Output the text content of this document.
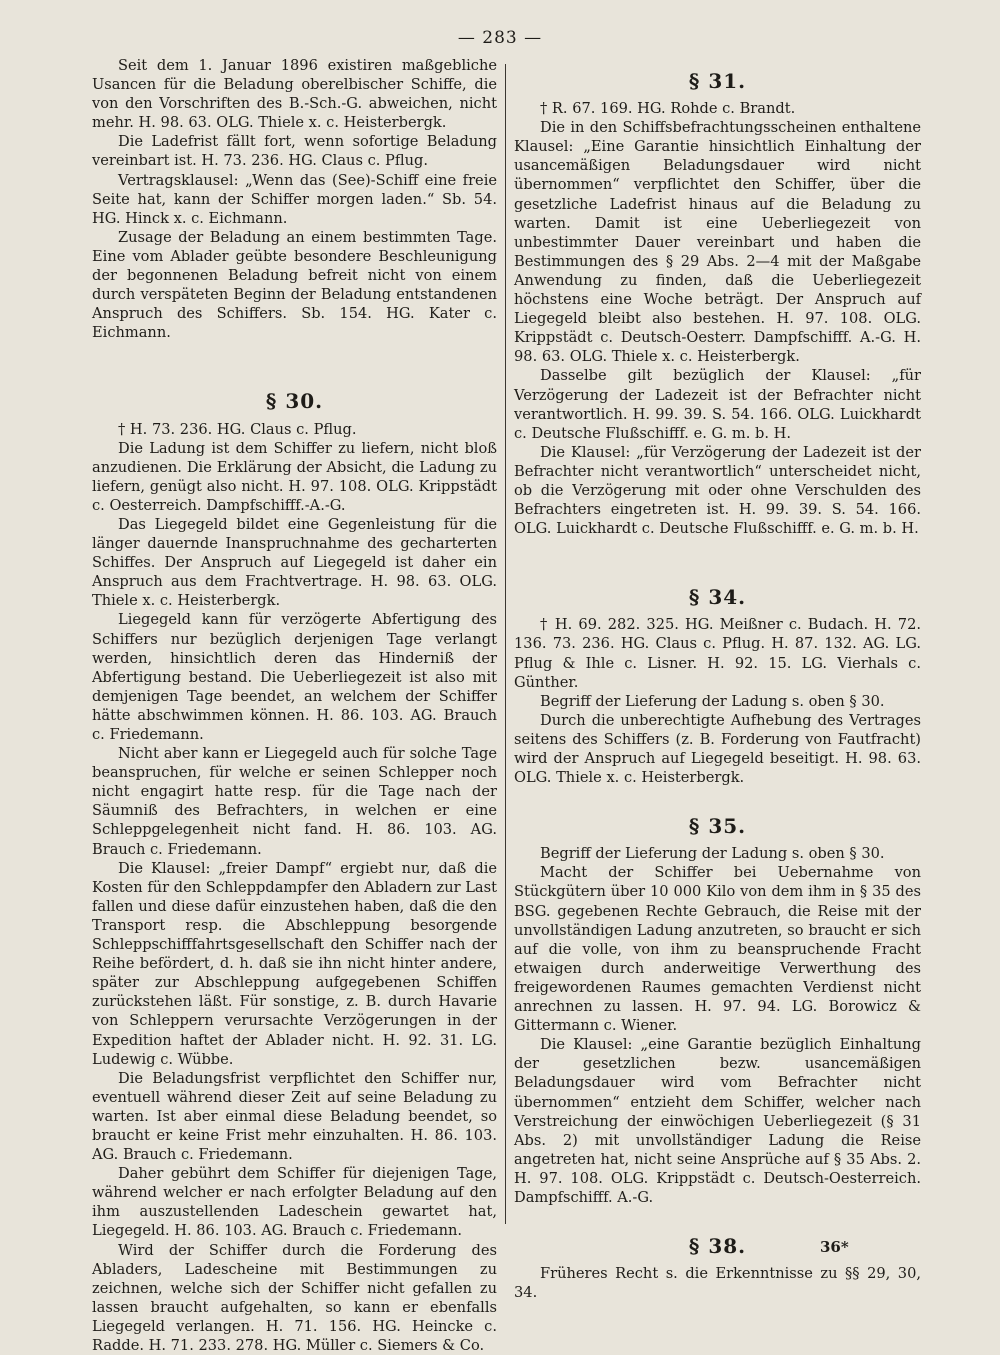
— 283 —

Seit dem 1. Januar 1896 existiren maßgebliche Usancen für die Beladung oberelbischer Schiffe, die von den Vorschriften des B.-Sch.-G. abweichen, nicht mehr. H. 98. 63. OLG. Thiele x. c. Heisterbergk.

Die Ladefrist fällt fort, wenn sofortige Beladung vereinbart ist. H. 73. 236. HG. Claus c. Pflug.

Vertragsklausel: „Wenn das (See)-Schiff eine freie Seite hat, kann der Schiffer morgen laden.“ Sb. 54. HG. Hinck x. c. Eichmann.

Zusage der Beladung an einem bestimmten Tage. Eine vom Ablader geübte besondere Beschleunigung der begonnenen Beladung befreit nicht von einem durch verspäteten Beginn der Beladung entstandenen Anspruch des Schiffers. Sb. 154. HG. Kater c. Eichmann.

§ 30.

† H. 73. 236. HG. Claus c. Pflug.

Die Ladung ist dem Schiffer zu liefern, nicht bloß anzudienen. Die Erklärung der Absicht, die Ladung zu liefern, genügt also nicht. H. 97. 108. OLG. Krippstädt c. Oesterreich. Dampfschifff.-A.-G.

Das Liegegeld bildet eine Gegenleistung für die länger dauernde Inanspruchnahme des gecharterten Schiffes. Der Anspruch auf Liegegeld ist daher ein Anspruch aus dem Frachtvertrage. H. 98. 63. OLG. Thiele x. c. Heisterbergk.

Liegegeld kann für verzögerte Abfertigung des Schiffers nur bezüglich derjenigen Tage verlangt werden, hinsichtlich deren das Hinderniß der Abfertigung bestand. Die Ueberliegezeit ist also mit demjenigen Tage beendet, an welchem der Schiffer hätte abschwimmen können. H. 86. 103. AG. Brauch c. Friedemann.

Nicht aber kann er Liegegeld auch für solche Tage beanspruchen, für welche er seinen Schlepper noch nicht engagirt hatte resp. für die Tage nach der Säumniß des Befrachters, in welchen er eine Schleppgelegenheit nicht fand. H. 86. 103. AG. Brauch c. Friedemann.

Die Klausel: „freier Dampf“ ergiebt nur, daß die Kosten für den Schleppdampfer den Abladern zur Last fallen und diese dafür einzustehen haben, daß die den Transport resp. die Abschleppung besorgende Schleppschifffahrtsgesellschaft den Schiffer nach der Reihe befördert, d. h. daß sie ihn nicht hinter andere, später zur Abschleppung aufgegebenen Schiffen zurückstehen läßt. Für sonstige, z. B. durch Havarie von Schleppern verursachte Verzögerungen in der Expedition haftet der Ablader nicht. H. 92. 31. LG. Ludewig c. Wübbe.

Die Beladungsfrist verpflichtet den Schiffer nur, eventuell während dieser Zeit auf seine Beladung zu warten. Ist aber einmal diese Beladung beendet, so braucht er keine Frist mehr einzuhalten. H. 86. 103. AG. Brauch c. Friedemann.

Daher gebührt dem Schiffer für diejenigen Tage, während welcher er nach erfolgter Beladung auf den ihm auszustellenden Ladeschein gewartet hat, Liegegeld. H. 86. 103. AG. Brauch c. Friedemann.

Wird der Schiffer durch die Forderung des Abladers, Ladescheine mit Bestimmungen zu zeichnen, welche sich der Schiffer nicht gefallen zu lassen braucht aufgehalten, so kann er ebenfalls Liegegeld verlangen. H. 71. 156. HG. Heincke c. Radde. H. 71. 233. 278. HG. Müller c. Siemers & Co.

§ 31.

† R. 67. 169. HG. Rohde c. Brandt.

Die in den Schiffsbefrachtungsscheinen enthaltene Klausel: „Eine Garantie hinsichtlich Einhaltung der usancemäßigen Beladungsdauer wird nicht übernommen“ verpflichtet den Schiffer, über die gesetzliche Ladefrist hinaus auf die Beladung zu warten. Damit ist eine Ueberliegezeit von unbestimmter Dauer vereinbart und haben die Bestimmungen des § 29 Abs. 2—4 mit der Maßgabe Anwendung zu finden, daß die Ueberliegezeit höchstens eine Woche beträgt. Der Anspruch auf Liegegeld bleibt also bestehen. H. 97. 108. OLG. Krippstädt c. Deutsch-Oesterr. Dampfschifff. A.-G. H. 98. 63. OLG. Thiele x. c. Heisterbergk.

Dasselbe gilt bezüglich der Klausel: „für Verzögerung der Ladezeit ist der Befrachter nicht verantwortlich. H. 99. 39. S. 54. 166. OLG. Luickhardt c. Deutsche Flußschifff. e. G. m. b. H.

Die Klausel: „für Verzögerung der Ladezeit ist der Befrachter nicht verantwortlich“ unterscheidet nicht, ob die Verzögerung mit oder ohne Verschulden des Befrachters eingetreten ist. H. 99. 39. S. 54. 166. OLG. Luickhardt c. Deutsche Flußschifff. e. G. m. b. H.

§ 34.

† H. 69. 282. 325. HG. Meißner c. Budach. H. 72. 136. 73. 236. HG. Claus c. Pflug. H. 87. 132. AG. LG. Pflug & Ihle c. Lisner. H. 92. 15. LG. Vierhals c. Günther.

Begriff der Lieferung der Ladung s. oben § 30.

Durch die unberechtigte Aufhebung des Vertrages seitens des Schiffers (z. B. Forderung von Fautfracht) wird der Anspruch auf Liegegeld beseitigt. H. 98. 63. OLG. Thiele x. c. Heisterbergk.

§ 35.

Begriff der Lieferung der Ladung s. oben § 30.

Macht der Schiffer bei Uebernahme von Stückgütern über 10 000 Kilo von dem ihm in § 35 des BSG. gegebenen Rechte Gebrauch, die Reise mit der unvollständigen Ladung anzutreten, so braucht er sich auf die volle, von ihm zu beanspruchende Fracht etwaigen durch anderweitige Verwerthung des freigewordenen Raumes gemachten Verdienst nicht anrechnen zu lassen. H. 97. 94. LG. Borowicz & Gittermann c. Wiener.

Die Klausel: „eine Garantie bezüglich Einhaltung der gesetzlichen bezw. usancemäßigen Beladungsdauer wird vom Befrachter nicht übernommen“ entzieht dem Schiffer, welcher nach Verstreichung der einwöchigen Ueberliegezeit (§ 31 Abs. 2) mit unvollständiger Ladung die Reise angetreten hat, nicht seine Ansprüche auf § 35 Abs. 2. H. 97. 108. OLG. Krippstädt c. Deutsch-Oesterreich. Dampfschifff. A.-G.

§ 38.

Früheres Recht s. die Erkenntnisse zu §§ 29, 30, 34.

36*
